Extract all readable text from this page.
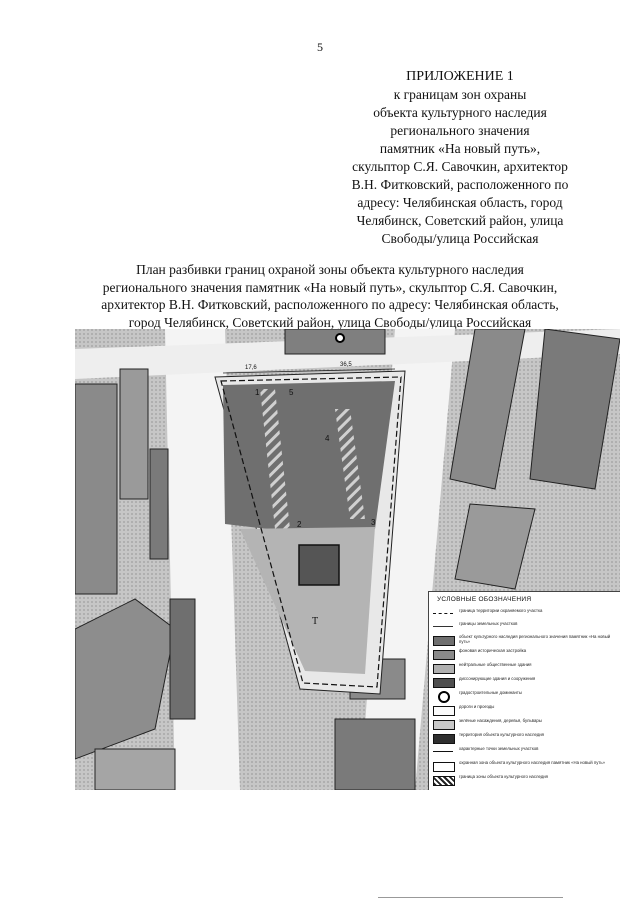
5
ПРИЛОЖЕНИЕ 1
к границам зон охраны
объекта культурного наследия
регионального значения
памятник «На новый путь»,
скульптор С.Я. Савочкин, архитектор
В.Н. Фитковский, расположенного по
адресу: Челябинская область, город
Челябинск, Советский район, улица
Свободы/улица Российская
План разбивки границ охраной зоны объекта культурного наследия
регионального значения памятник «На новый путь», скульптор С.Я. Савочкин,
архитектор В.Н. Фитковский, расположенного по адресу: Челябинская область,
город Челябинск, Советский район, улица Свободы/улица Российская
1
2	3
4
5
17,6	36,5
Т
УСЛОВНЫЕ ОБОЗНАЧЕНИЯ
граница территории охраняемого участка
границы земельных участков
объект культурного наследия регионального значения памятник «На новый путь»
фоновая историческая застройка
нейтральные общественные здания
диссонирующие здания и сооружения
градостроительные доминанты
дороги и проезды
зелёные насаждения, деревья, бульвары
территория объекта культурного наследия
характерные точки земельных участков
охранная зона объекта культурного наследия памятник «На новый путь»
граница зоны объекта культурного наследия
